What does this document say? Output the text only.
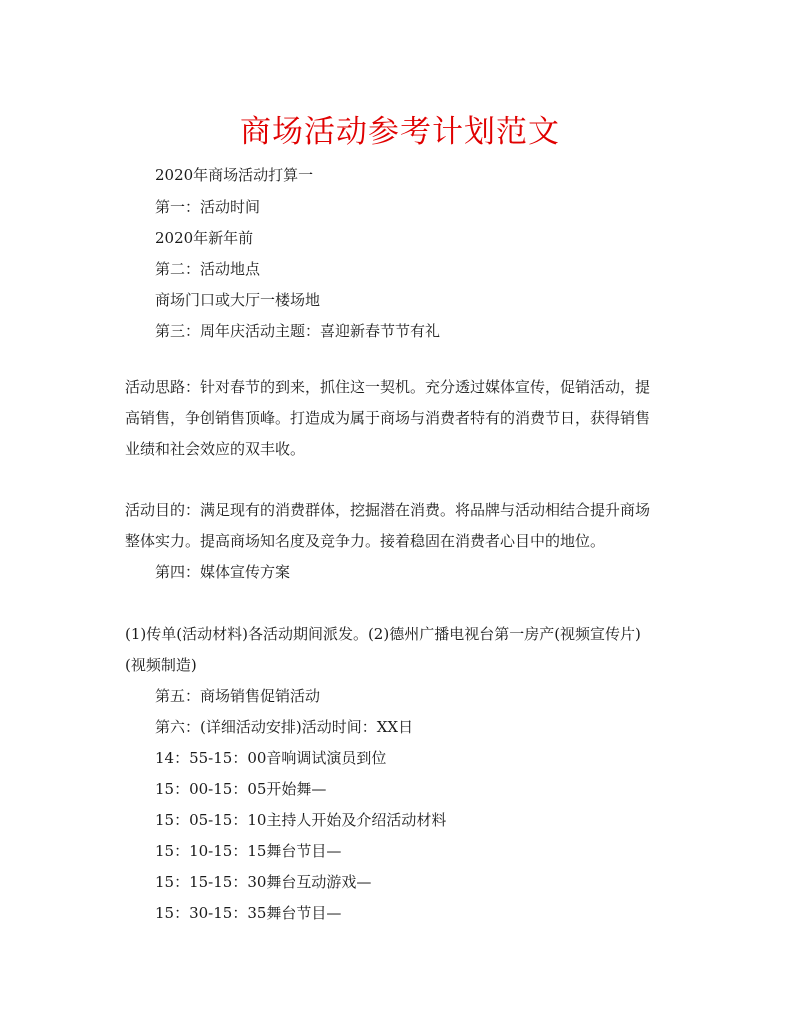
商场活动参考计划范文

2020年商场活动打算一

第一：活动时间

2020年新年前

第二：活动地点

商场门口或大厅一楼场地

第三：周年庆活动主题：喜迎新春节节有礼

活动思路：针对春节的到来，抓住这一契机。充分透过媒体宣传，促销活动，提

高销售，争创销售顶峰。打造成为属于商场与消费者特有的消费节日，获得销售

业绩和社会效应的双丰收。

活动目的：满足现有的消费群体，挖掘潜在消费。将品牌与活动相结合提升商场

整体实力。提高商场知名度及竞争力。接着稳固在消费者心目中的地位。

第四：媒体宣传方案

(1)传单(活动材料)各活动期间派发。(2)德州广播电视台第一房产(视频宣传片)

(视频制造)

第五：商场销售促销活动

第六：(详细活动安排)活动时间：XX日

14：55-15：00音响调试演员到位

15：00-15：05开始舞—

15：05-15：10主持人开始及介绍活动材料

15：10-15：15舞台节目—

15：15-15：30舞台互动游戏—

15：30-15：35舞台节目—
